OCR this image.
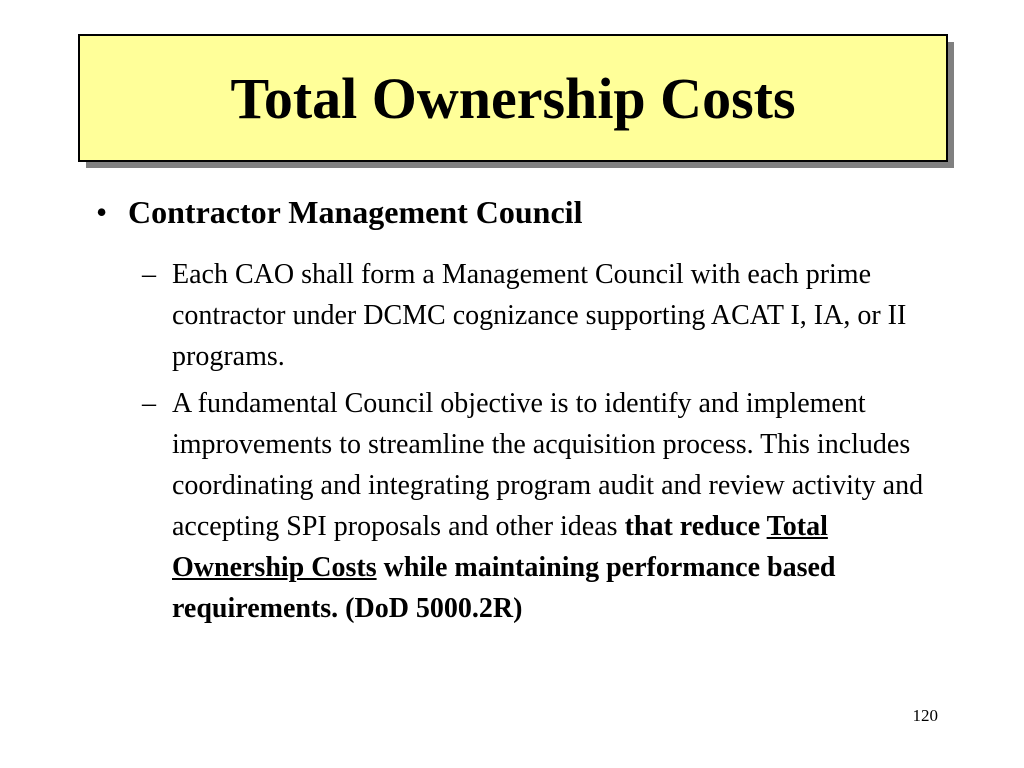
Total Ownership Costs
• Contractor Management Council
– Each CAO shall form a Management Council with each prime contractor under DCMC cognizance supporting ACAT I, IA, or II programs.
– A fundamental Council objective is to identify and implement improvements to streamline the acquisition process. This includes coordinating and integrating program audit and review activity and accepting SPI proposals and other ideas that reduce Total Ownership Costs while maintaining performance based requirements. (DoD 5000.2R)
120
